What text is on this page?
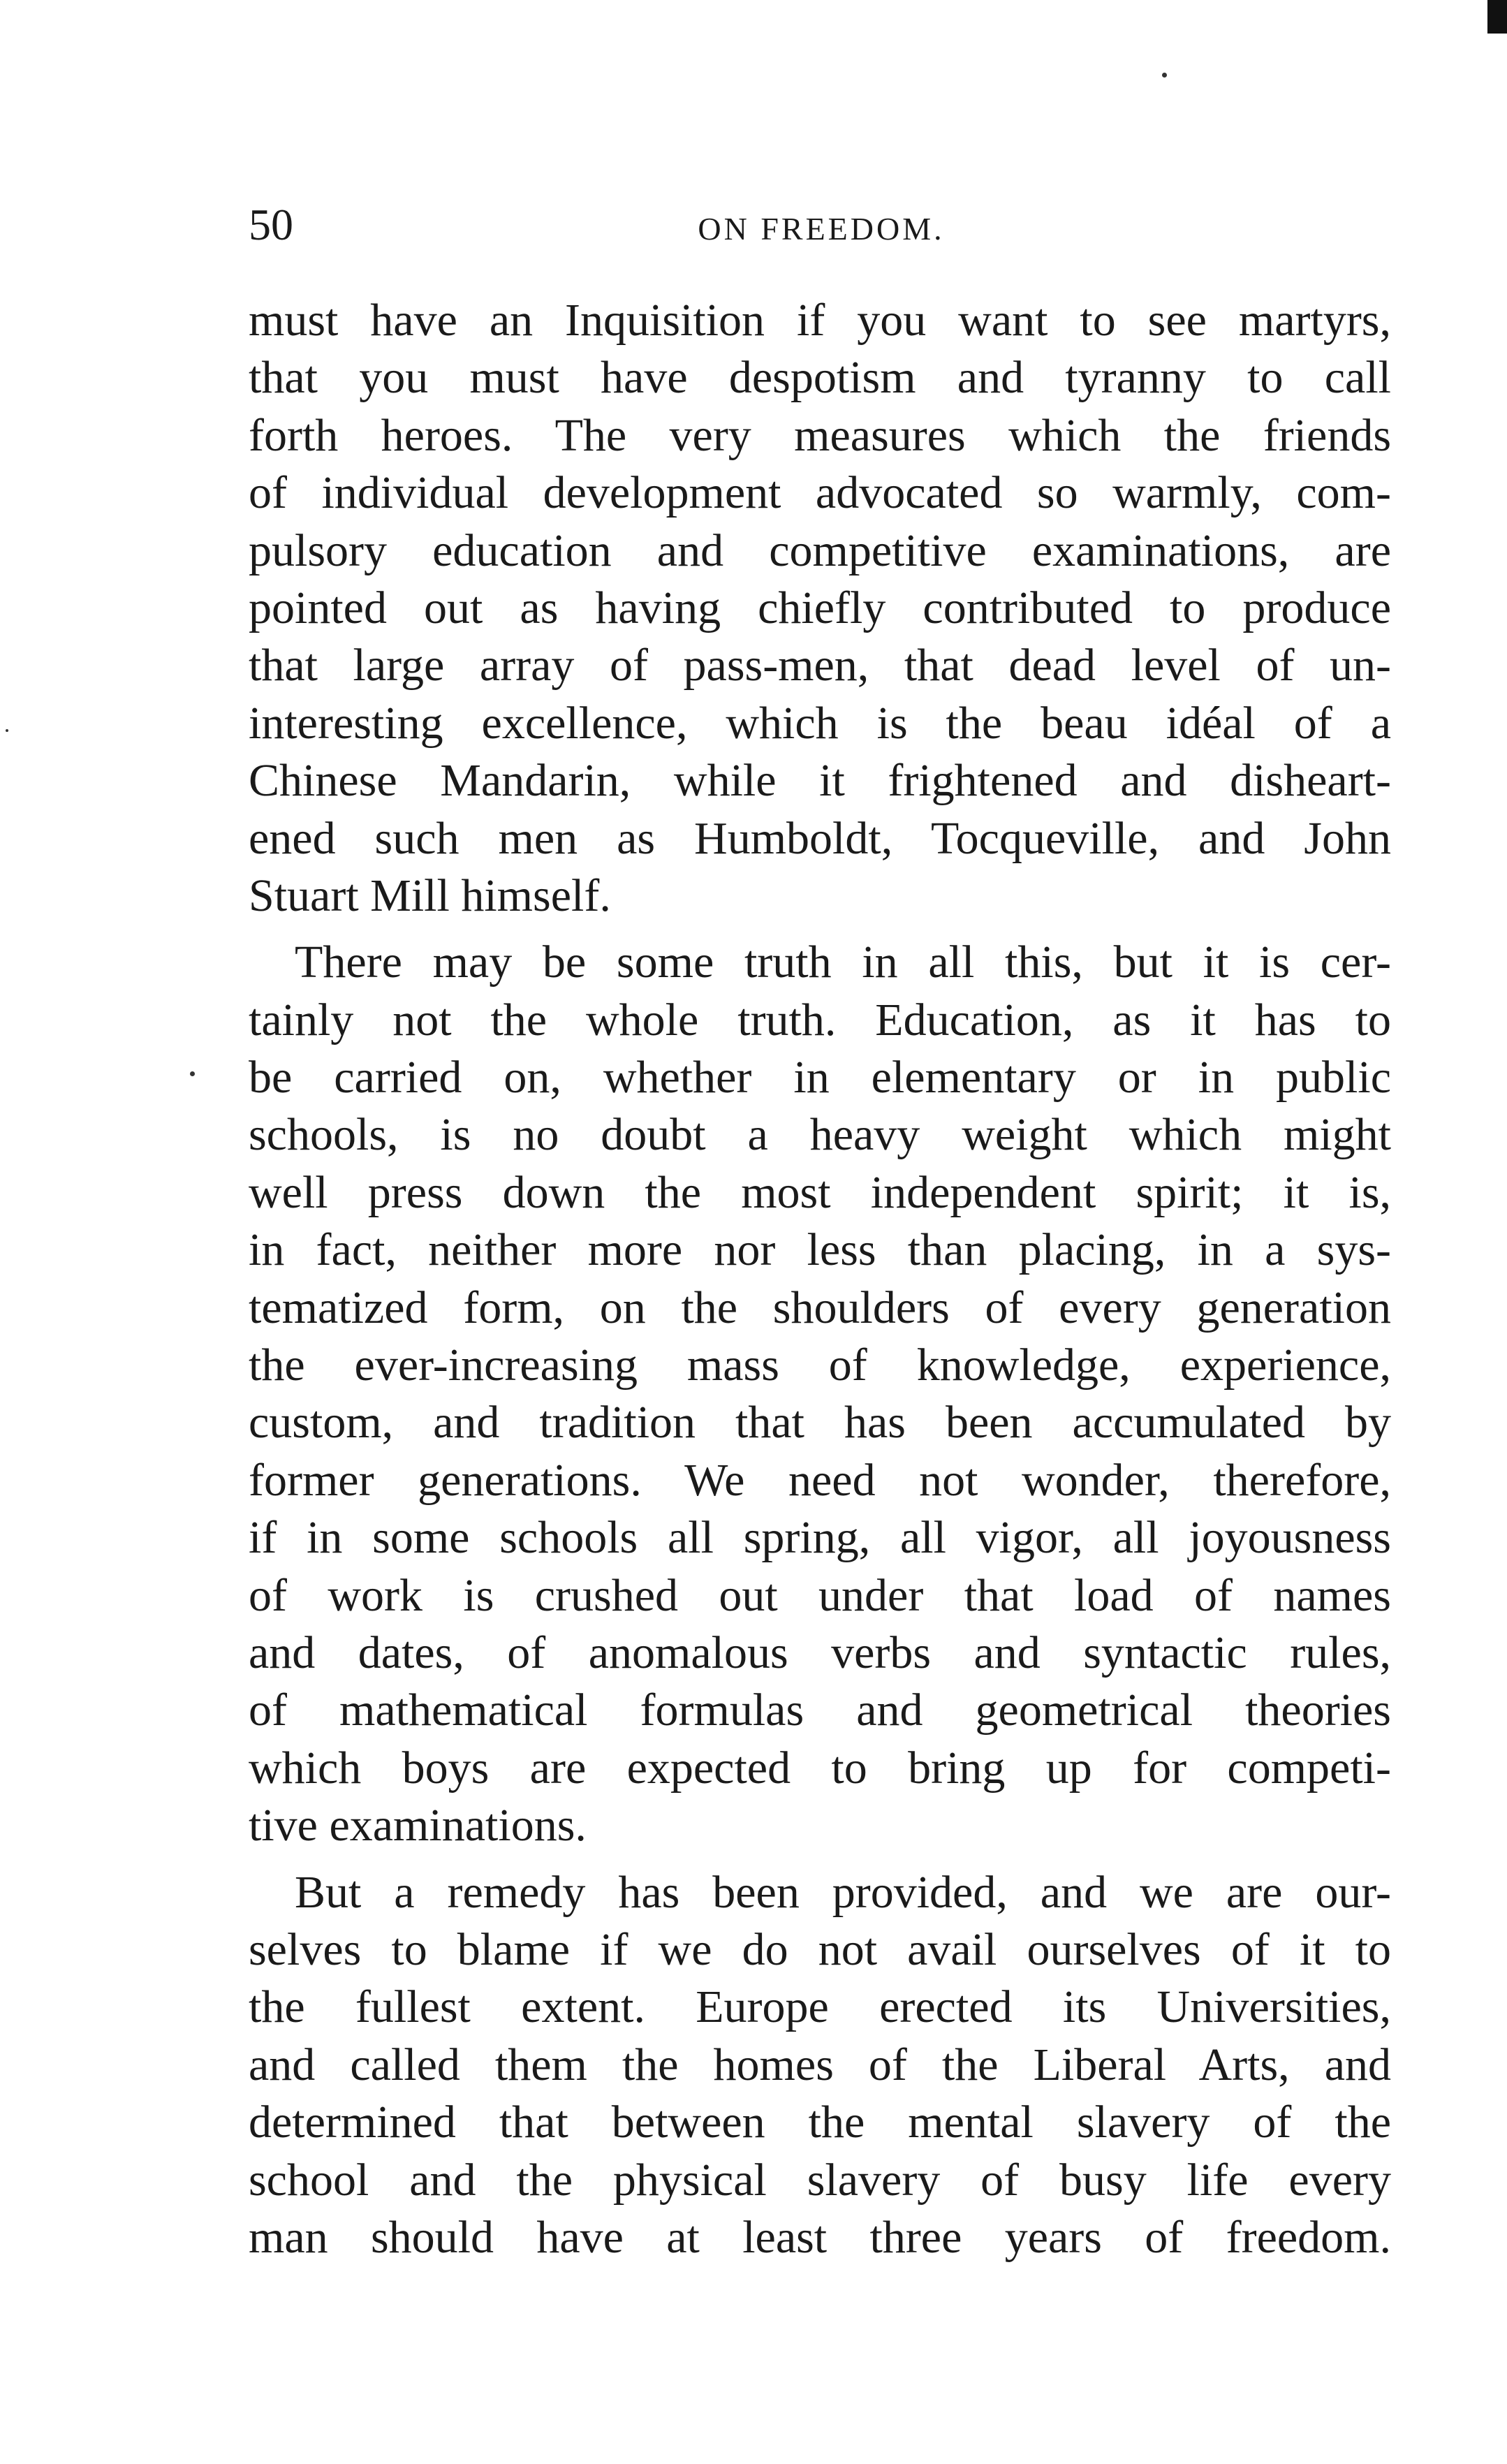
50	ON FREEDOM.
must have an Inquisition if you want to see martyrs,
that you must have despotism and tyranny to call
forth heroes. The very measures which the friends
of individual development advocated so warmly, com-
pulsory education and competitive examinations, are
pointed out as having chiefly contributed to produce
that large array of pass-men, that dead level of un-
interesting excellence, which is the beau idéal of a
Chinese Mandarin, while it frightened and disheart-
ened such men as Humboldt, Tocqueville, and John
Stuart Mill himself.
There may be some truth in all this, but it is cer-
tainly not the whole truth. Education, as it has to
be carried on, whether in elementary or in public
schools, is no doubt a heavy weight which might
well press down the most independent spirit; it is,
in fact, neither more nor less than placing, in a sys-
tematized form, on the shoulders of every generation
the ever-increasing mass of knowledge, experience,
custom, and tradition that has been accumulated by
former generations. We need not wonder, therefore,
if in some schools all spring, all vigor, all joyousness
of work is crushed out under that load of names
and dates, of anomalous verbs and syntactic rules,
of mathematical formulas and geometrical theories
which boys are expected to bring up for competi-
tive examinations.
But a remedy has been provided, and we are our-
selves to blame if we do not avail ourselves of it to
the fullest extent. Europe erected its Universities,
and called them the homes of the Liberal Arts, and
determined that between the mental slavery of the
school and the physical slavery of busy life every
man should have at least three years of freedom.
